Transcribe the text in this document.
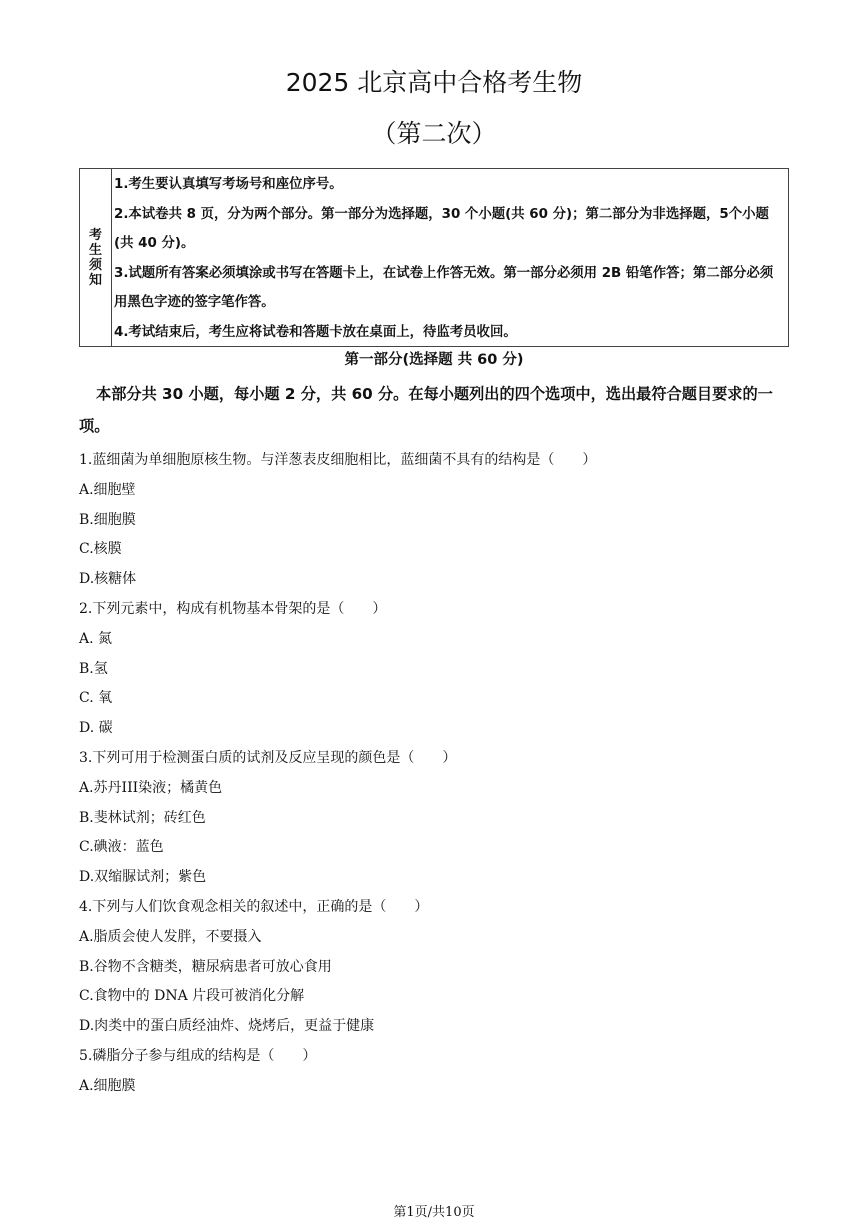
2025 北京高中合格考生物
（第二次）
考
生
须
知

1.考生要认真填写考场号和座位序号。

2.本试卷共 8 页，分为两个部分。第一部分为选择题，30 个小题(共 60 分)；第二部分为非选择题，5个小题(共 40 分)。

3.试题所有答案必须填涂或书写在答题卡上，在试卷上作答无效。第一部分必须用 2B 铅笔作答；第二部分必须用黑色字迹的签字笔作答。

4.考试结束后，考生应将试卷和答题卡放在桌面上，待监考员收回。

第一部分(选择题 共 60 分)
本部分共 30 小题，每小题 2 分，共 60 分。在每小题列出的四个选项中，选出最符合题目要求的一项。
1.蓝细菌为单细胞原核生物。与洋葱表皮细胞相比，蓝细菌不具有的结构是（　　）
A.细胞壁
B.细胞膜
C.核膜
D.核糖体
2.下列元素中，构成有机物基本骨架的是（　　）
A. 氮
B.氢
C. 氧
D. 碳
3.下列可用于检测蛋白质的试剂及反应呈现的颜色是（　　）
A.苏丹III染液；橘黄色
B.斐林试剂；砖红色
C.碘液：蓝色
D.双缩脲试剂；紫色
4.下列与人们饮食观念相关的叙述中，正确的是（　　）
A.脂质会使人发胖，不要摄入
B.谷物不含糖类，糖尿病患者可放心食用
C.食物中的 DNA 片段可被消化分解
D.肉类中的蛋白质经油炸、烧烤后，更益于健康
5.磷脂分子参与组成的结构是（　　）
A.细胞膜
第1页/共10页
